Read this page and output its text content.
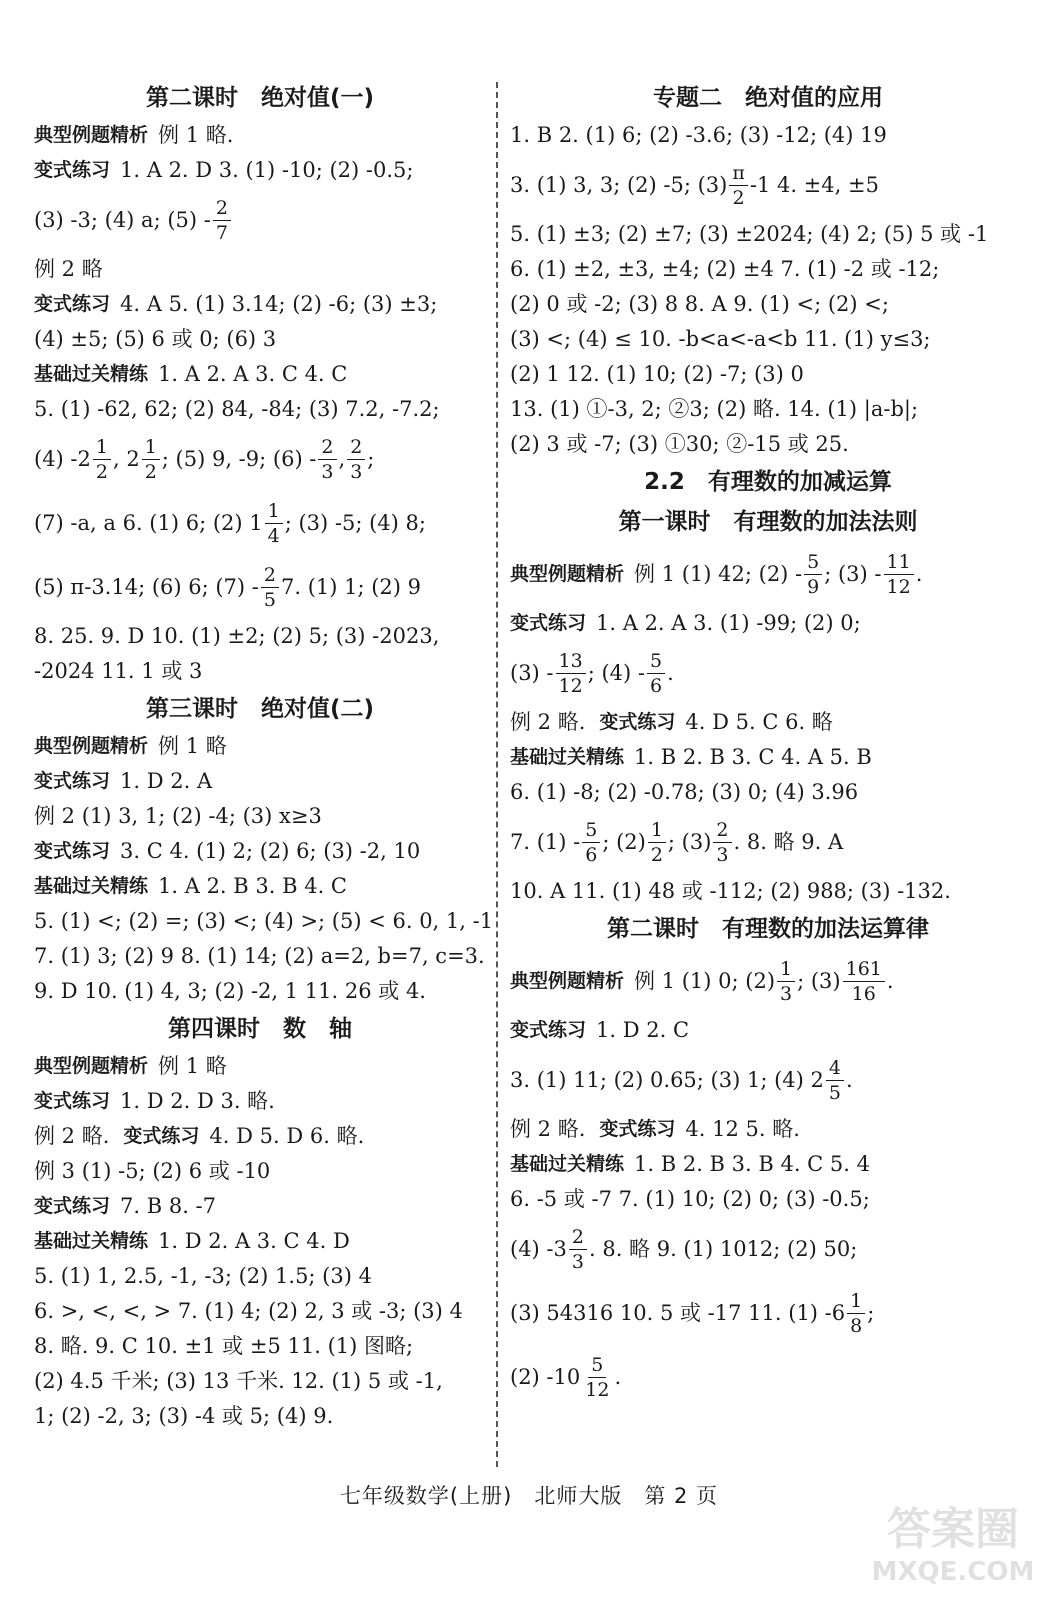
第二课时　绝对值(一)
典型例题精析 例 1 略.
变式练习 1. A 2. D 3. (1) -10; (2) -0.5;
(3) -3; (4) a; $(5) - \frac{2}{7}$
例 2 略
变式练习 4. A 5. (1) 3.14; (2) -6; (3) ±3;
(4) ±5; (5) 6 或 0; (6) 3
基础过关精练 1. A 2. A 3. C 4. C
5. (1) -62, 62; (2) 84, -84; (3) 7.2, -7.2;
(4) $-2 \frac{1}{2}$ , $2 \frac{1}{2}$ ; (5) 9, -9; $(6) - \frac{2}{3}$ , $\frac{2}{3}$ ;
(7) -a, a 6. (1) 6; (2) $1 \frac{1}{4}$ ; (3) -5; (4) 8;
(5) π-3.14; (6) 6; $(7) - \frac{2}{5} 7$. (1) 1; (2) 9
8. 25. 9. D 10. (1) ±2; (2) 5; (3) -2023,
-2024 11. 1 或 3
第三课时　绝对值(二)
典型例题精析 例 1 略
变式练习 1. D 2. A
例 2 (1) 3, 1; (2) -4; (3) x≥3
变式练习 3. C 4. (1) 2; (2) 6; (3) -2, 10
基础过关精练 1. A 2. B 3. B 4. C
5. (1) <; (2) =; (3) <; (4) >; (5) < 6. 0, 1, -1
7. (1) 3; (2) 9 8. (1) 14; (2) a=2, b=7, c=3.
9. D 10. (1) 4, 3; (2) -2, 1 11. 26 或 4.
第四课时　数　轴
典型例题精析 例 1 略
变式练习 1. D 2. D 3. 略.
例 2 略. 变式练习 4. D 5. D 6. 略.
例 3 (1) -5; (2) 6 或 -10
变式练习 7. B 8. -7
基础过关精练 1. D 2. A 3. C 4. D
5. (1) 1, 2.5, -1, -3; (2) 1.5; (3) 4
6. >, <, <, > 7. (1) 4; (2) 2, 3 或 -3; (3) 4
8. 略. 9. C 10. ±1 或 ±5 11. (1) 图略;
(2) 4.5 千米; (3) 13 千米. 12. (1) 5 或 -1,
1; (2) -2, 3; (3) -4 或 5; (4) 9.
专题二　绝对值的应用
1. B 2. (1) 6; (2) -3.6; (3) -12; (4) 19
3. (1) 3, 3; (2) -5; $(3) \frac{\pi}{2} -1$ 4. ±4, ±5
5. (1) ±3; (2) ±7; (3) ±2024; (4) 2; (5) 5 或 -1
6. (1) ±2, ±3, ±4; (2) ±4 7. (1) -2 或 -12;
(2) 0 或 -2; (3) 8 8. A 9. (1) <; (2) <;
(3) <; (4) ≤ 10. -b<a<-a<b 11. (1) y≤3;
(2) 1 12. (1) 10; (2) -7; (3) 0
13. (1) ①-3, 2; ②3; (2) 略. 14. (1) |a-b|;
(2) 3 或 -7; (3) ①30; ②-15 或 25.
2.2　有理数的加减运算
第一课时　有理数的加法法则
典型例题精析 例 1 (1) 42; $(2) - \frac{5}{9}$ ; $(3) - \frac{11}{12}$ .
变式练习 1. A 2. A 3. (1) -99; (2) 0;
$(3) - \frac{13}{12}$ ; $(4) - \frac{5}{6}$ .
例 2 略. 变式练习 4. D 5. C 6. 略
基础过关精练 1. B 2. B 3. C 4. A 5. B
6. (1) -8; (2) -0.78; (3) 0; (4) 3.96
7. $(1) - \frac{5}{6}$ ; $(2) \frac{1}{2}$ ; $(3) \frac{2}{3}$ . 8. 略 9. A
10. A 11. (1) 48 或 -112; (2) 988; (3) -132.
第二课时　有理数的加法运算律
典型例题精析 例 1 (1) 0; $(2) \frac{1}{3}$ ; $(3) \frac{161}{16}$ .
变式练习 1. D 2. C
3. (1) 11; (2) 0.65; (3) 1; (4) $2 \frac{4}{5}$ .
例 2 略. 变式练习 4. 12 5. 略.
基础过关精练 1. B 2. B 3. B 4. C 5. 4
6. -5 或 -7 7. (1) 10; (2) 0; (3) -0.5;
(4) $-3 \frac{2}{3}$ . 8. 略 9. (1) 1012; (2) 50;
(3) 54316 10. 5 或 -17 11. (1) $-6 \frac{1}{8}$ ;
(2) $-10 \frac{5}{12}$ .
七年级数学(上册)　北师大版　第 2 页
答案圈
MXQE.COM
